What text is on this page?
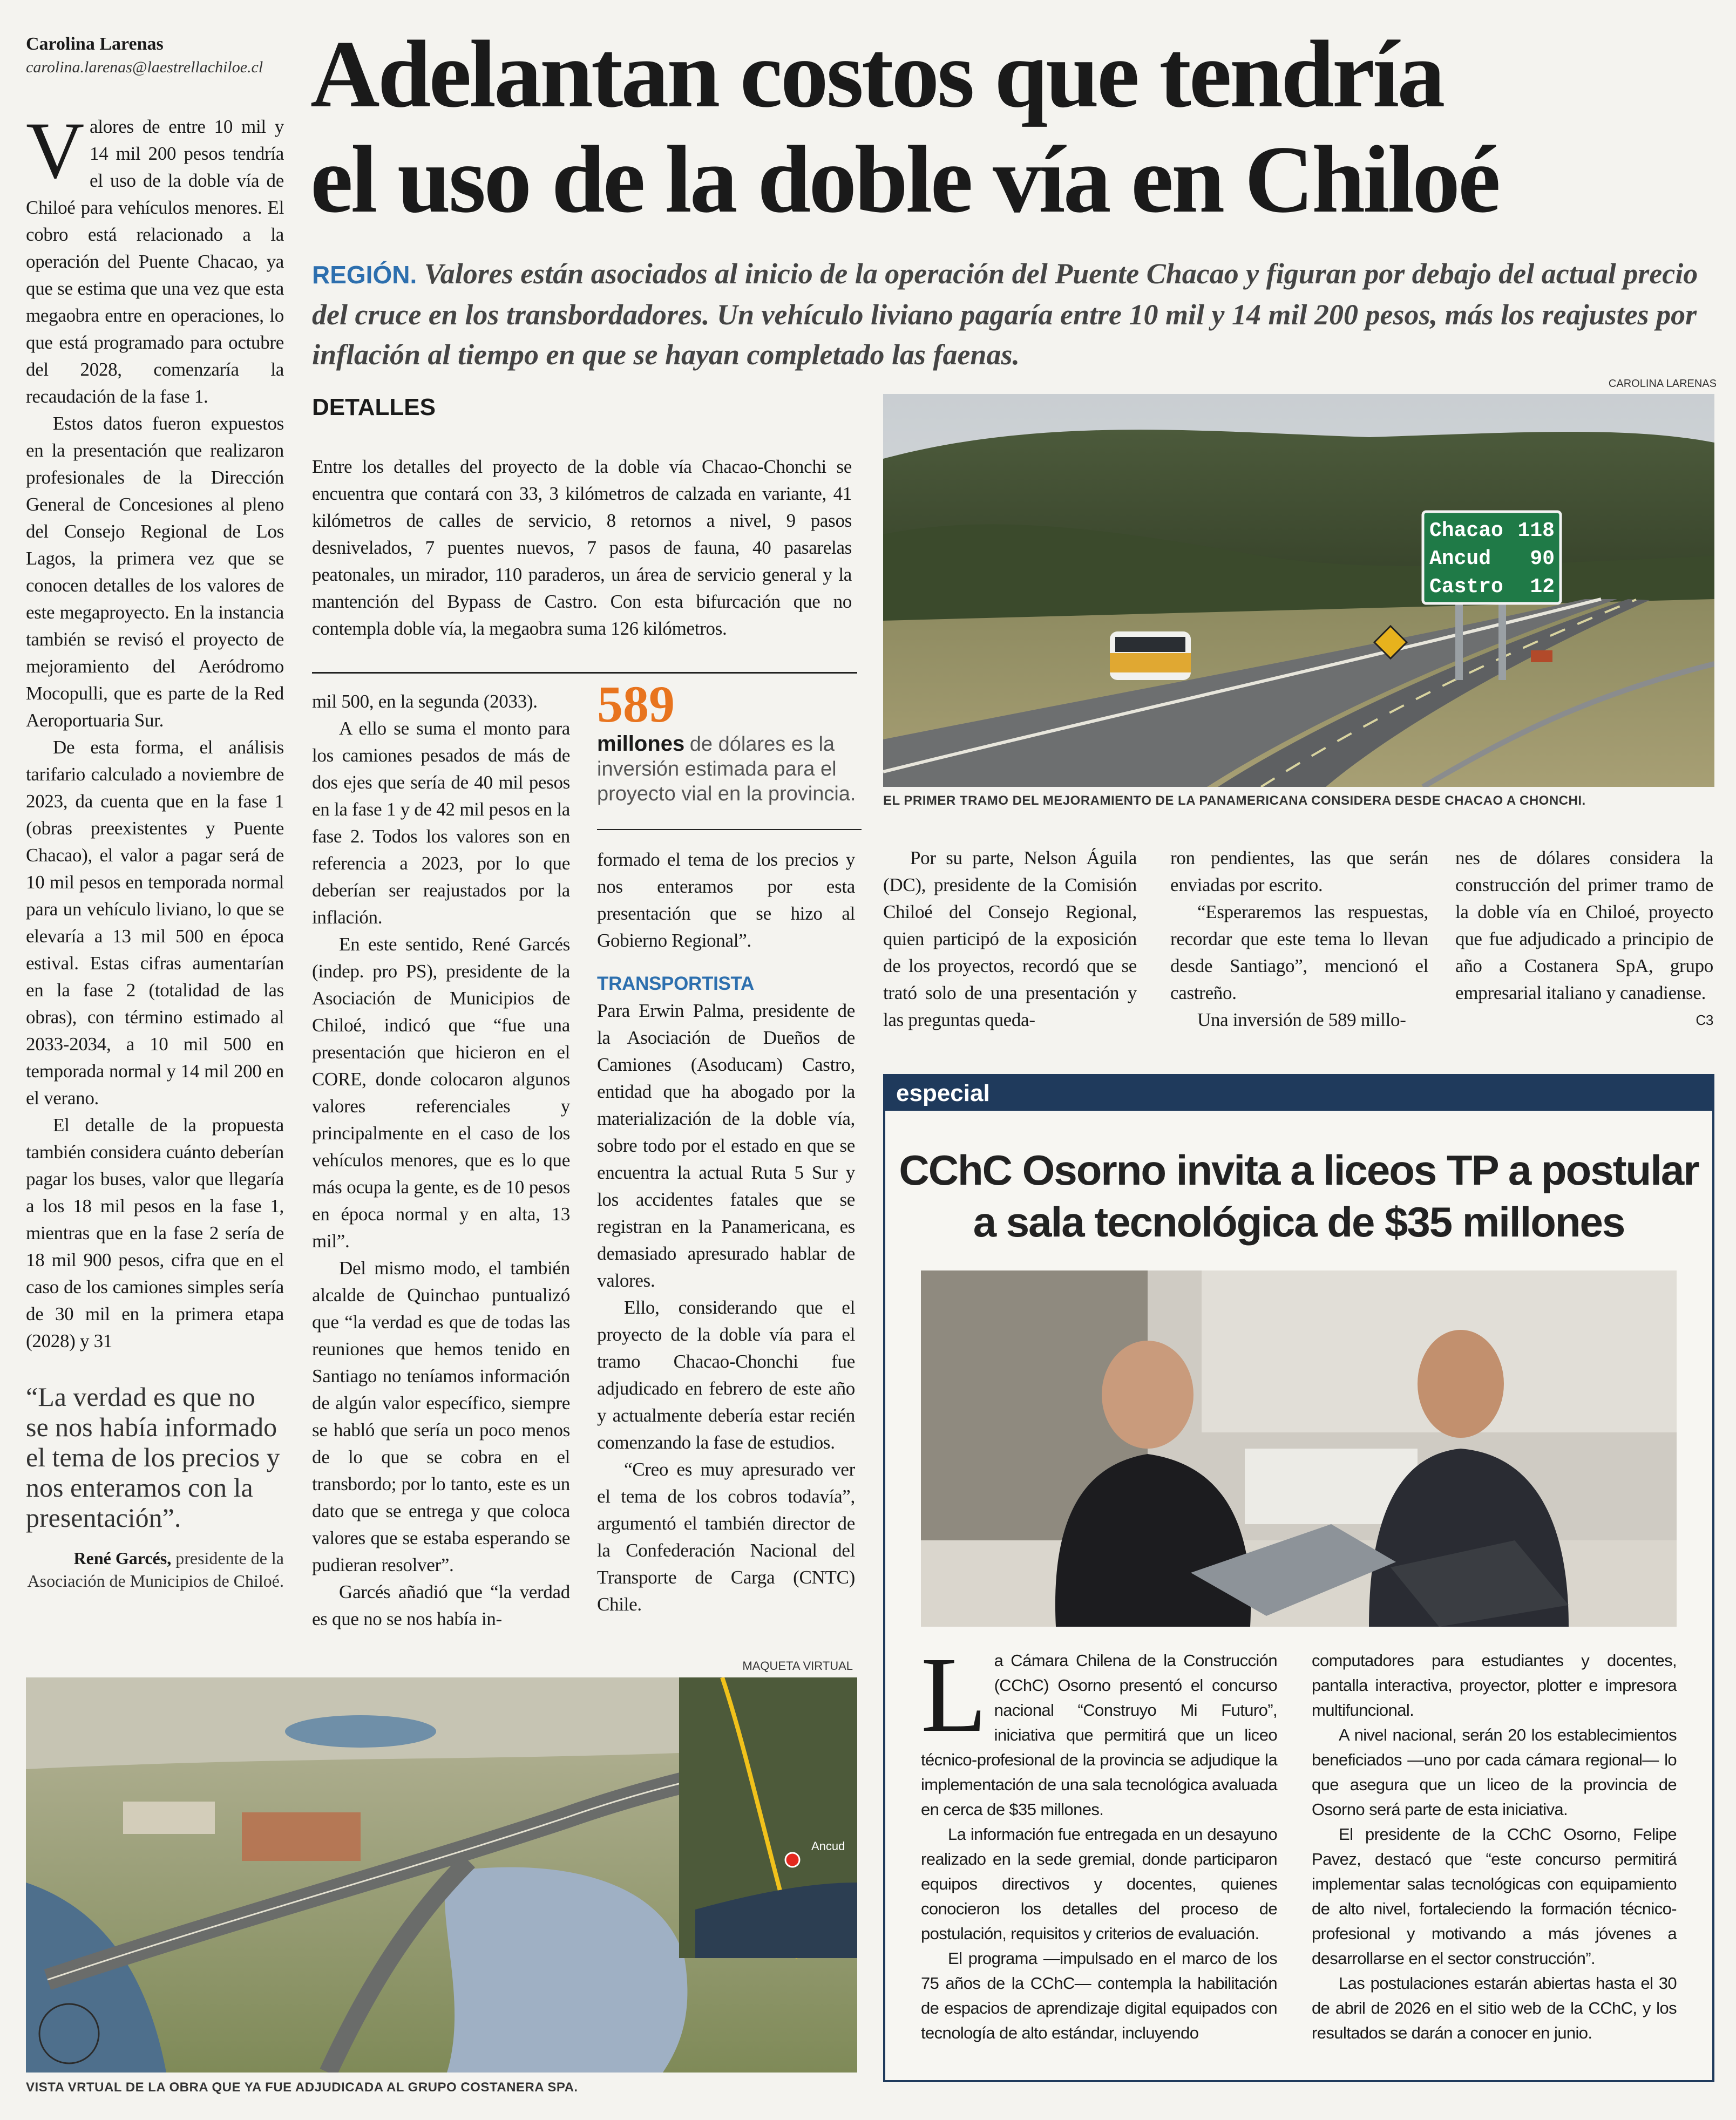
Carolina Larenas
carolina.larenas@laestrellachiloe.cl Adelantan costos que tendría
el uso de la doble vía en Chiloé
REGIÓN. Valores están asociados al inicio de la operación del Puente Chacao y figuran por debajo del actual precio del cruce en los transbordadores. Un vehículo liviano pagaría entre 10 mil y 14 mil 200 pesos, más los reajustes por inflación al tiempo en que se hayan completado las faenas.

Valores de entre 10 mil y 14 mil 200 pesos tendría el uso de la doble vía de Chiloé para vehículos menores. El cobro está relacionado a la operación del Puente Chacao, ya que se estima que una vez que esta megaobra entre en operaciones, lo que está programado para octubre del 2028, comenzaría la recaudación de la fase 1.

Estos datos fueron expuestos en la presentación que realizaron profesionales de la Dirección General de Concesiones al pleno del Consejo Regional de Los Lagos, la primera vez que se conocen detalles de los valores de este megaproyecto. En la instancia también se revisó el proyecto de mejoramiento del Aeródromo Mocopulli, que es parte de la Red Aeroportuaria Sur.

De esta forma, el análisis tarifario calculado a noviembre de 2023, da cuenta que en la fase 1 (obras preexistentes y Puente Chacao), el valor a pagar será de 10 mil pesos en temporada normal para un vehículo liviano, lo que se elevaría a 13 mil 500 en época estival. Estas cifras aumentarían en la fase 2 (totalidad de las obras), con término estimado al 2033-2034, a 10 mil 500 en temporada normal y 14 mil 200 en el verano.

El detalle de la propuesta también considera cuánto deberían pagar los buses, valor que llegaría a los 18 mil pesos en la fase 1, mientras que en la fase 2 sería de 18 mil 900 pesos, cifra que en el caso de los camiones simples sería de 30 mil en la primera etapa (2028) y 31

“La verdad es que no se nos había informado el tema de los precios y nos enteramos con la presentación”.
René Garcés, presidente de la Asociación de Municipios de Chiloé.
DETALLES

Entre los detalles del proyecto de la doble vía Chacao-Chonchi se encuentra que contará con 33, 3 kilómetros de calzada en variante, 41 kilómetros de calles de servicio, 8 retornos a nivel, 9 pasos desnivelados, 7 puentes nuevos, 7 pasos de fauna, 40 pasarelas peatonales, un mirador, 110 paraderos, un área de servicio general y la mantención del Bypass de Castro. Con esta bifurcación que no contempla doble vía, la megaobra suma 126 kilómetros.

mil 500, en la segunda (2033).

A ello se suma el monto para los camiones pesados de más de dos ejes que sería de 40 mil pesos en la fase 1 y de 42 mil pesos en la fase 2. Todos los valores son en referencia a 2023, por lo que deberían ser reajustados por la inflación.

En este sentido, René Garcés (indep. pro PS), presidente de la Asociación de Municipios de Chiloé, indicó que “fue una presentación que hicieron en el CORE, donde colocaron algunos valores referenciales y principalmente en el caso de los vehículos menores, que es lo que más ocupa la gente, es de 10 pesos en época normal y en alta, 13 mil”.

Del mismo modo, el también alcalde de Quinchao puntualizó que “la verdad es que de todas las reuniones que hemos tenido en Santiago no teníamos información de algún valor específico, siempre se habló que sería un poco menos de lo que se cobra en el transbordo; por lo tanto, este es un dato que se entrega y que coloca valores que se estaba esperando se pudieran resolver”.

Garcés añadió que “la verdad es que no se nos había in-

589
millones de dólares es la inversión estimada para el proyecto vial en la provincia.

formado el tema de los precios y nos enteramos por esta presentación que se hizo al Gobierno Regional”.

TRANSPORTISTA

Para Erwin Palma, presidente de la Asociación de Dueños de Camiones (Asoducam) Castro, entidad que ha abogado por la materialización de la doble vía, sobre todo por el estado en que se encuentra la actual Ruta 5 Sur y los accidentes fatales que se registran en la Panamericana, es demasiado apresurado hablar de valores.

Ello, considerando que el proyecto de la doble vía para el tramo Chacao-Chonchi fue adjudicado en febrero de este año y actualmente debería estar recién comenzando la fase de estudios.

“Creo es muy apresurado ver el tema de los cobros todavía”, argumentó el también director de la Confederación Nacional del Transporte de Carga (CNTC) Chile.

CAROLINA LARENAS
Chacao 118
Ancud 90
Castro 12
EL PRIMER TRAMO DEL MEJORAMIENTO DE LA PANAMERICANA CONSIDERA DESDE CHACAO A CHONCHI.

Por su parte, Nelson Águila (DC), presidente de la Comisión Chiloé del Consejo Regional, quien participó de la exposición de los proyectos, recordó que se trató solo de una presentación y las preguntas queda-

ron pendientes, las que serán enviadas por escrito.

“Esperaremos las respuestas, recordar que este tema lo llevan desde Santiago”, mencionó el castreño.

Una inversión de 589 millo-

nes de dólares considera la construcción del primer tramo de la doble vía en Chiloé, proyecto que fue adjudicado a principio de año a Costanera SpA, grupo empresarial italiano y canadiense.
C3

MAQUETA VIRTUAL
Ancud
VISTA VRTUAL DE LA OBRA QUE YA FUE ADJUDICADA AL GRUPO COSTANERA SPA.
especial
CChC Osorno invita a liceos TP a postular
a sala tecnológica de $35 millones

La Cámara Chilena de la Construcción (CChC) Osorno presentó el concurso nacional “Construyo Mi Futuro”, iniciativa que permitirá que un liceo técnico-profesional de la provincia se adjudique la implementación de una sala tecnológica avaluada en cerca de $35 millones.

La información fue entregada en un desayuno realizado en la sede gremial, donde participaron equipos directivos y docentes, quienes conocieron los detalles del proceso de postulación, requisitos y criterios de evaluación.

El programa —impulsado en el marco de los 75 años de la CChC— contempla la habilitación de espacios de aprendizaje digital equipados con tecnología de alto estándar, incluyendo

computadores para estudiantes y docentes, pantalla interactiva, proyector, plotter e impresora multifuncional.

A nivel nacional, serán 20 los establecimientos beneficiados —uno por cada cámara regional— lo que asegura que un liceo de la provincia de Osorno será parte de esta iniciativa.

El presidente de la CChC Osorno, Felipe Pavez, destacó que “este concurso permitirá implementar salas tecnológicas con equipamiento de alto nivel, fortaleciendo la formación técnico-profesional y motivando a más jóvenes a desarrollarse en el sector construcción”.

Las postulaciones estarán abiertas hasta el 30 de abril de 2026 en el sitio web de la CChC, y los resultados se darán a conocer en junio.
